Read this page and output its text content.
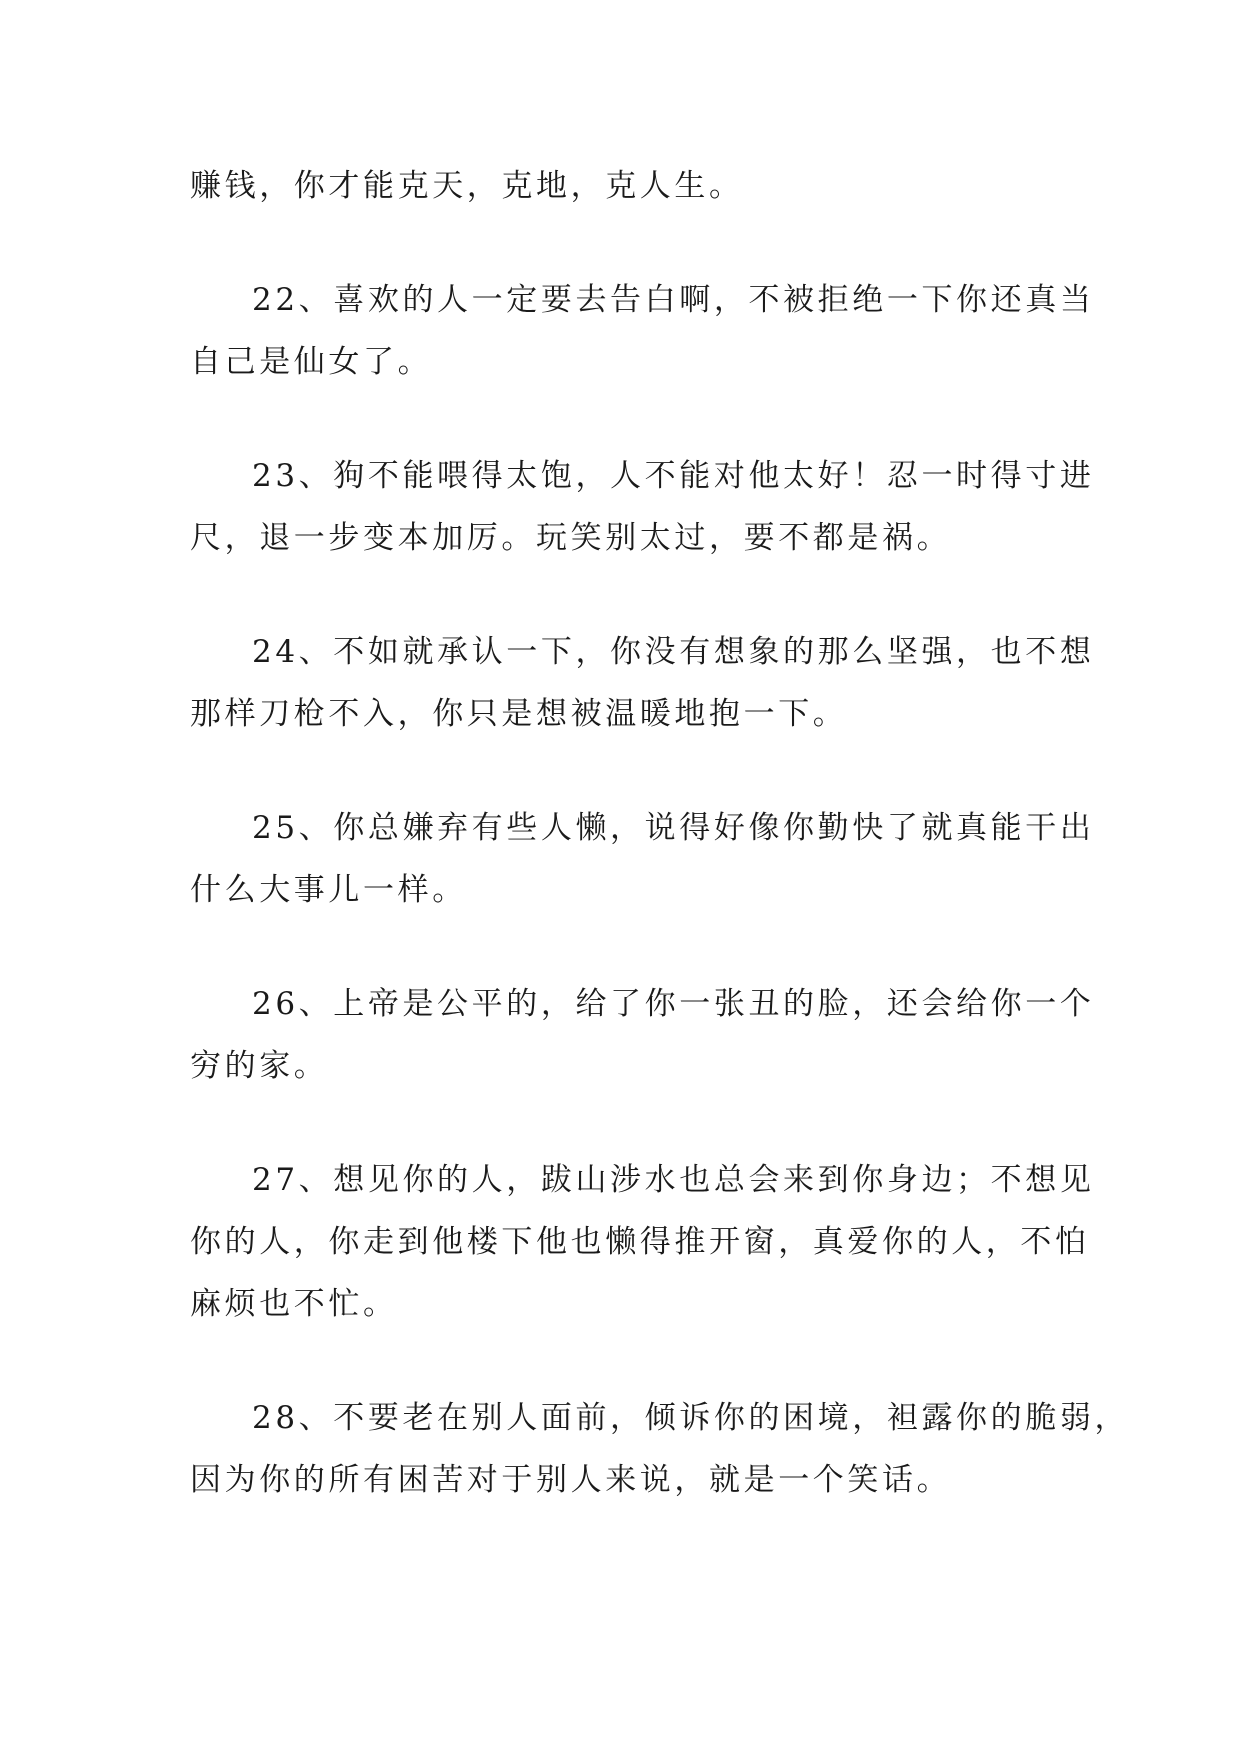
赚钱，你才能克天，克地，克人生。

22、喜欢的人一定要去告白啊，不被拒绝一下你还真当
自己是仙女了。

23、狗不能喂得太饱，人不能对他太好！忍一时得寸进
尺，退一步变本加厉。玩笑别太过，要不都是祸。

24、不如就承认一下，你没有想象的那么坚强，也不想
那样刀枪不入，你只是想被温暖地抱一下。

25、你总嫌弃有些人懒，说得好像你勤快了就真能干出
什么大事儿一样。

26、上帝是公平的，给了你一张丑的脸，还会给你一个
穷的家。

27、想见你的人，跋山涉水也总会来到你身边；不想见
你的人，你走到他楼下他也懒得推开窗，真爱你的人，不怕
麻烦也不忙。

28、不要老在别人面前，倾诉你的困境，袒露你的脆弱，
因为你的所有困苦对于别人来说，就是一个笑话。
